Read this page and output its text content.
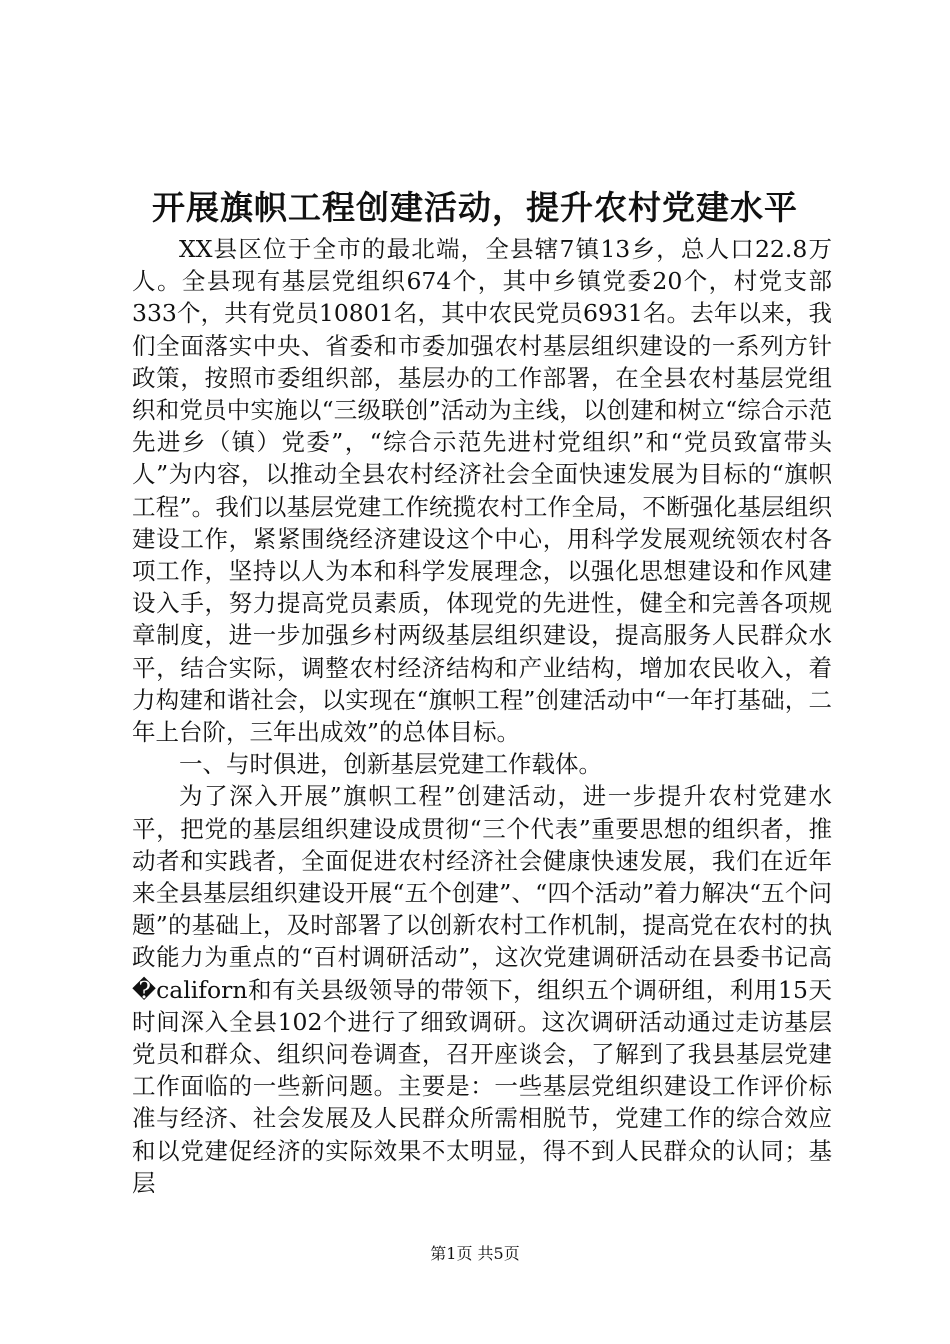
开展旗帜工程创建活动，提升农村党建水平

XX县区位于全市的最北端，全县辖7镇13乡，总人口22.8万人。全县现有基层党组织674个，其中乡镇党委20个，村党支部333个，共有党员10801名，其中农民党员6931名。去年以来，我们全面落实中央、省委和市委加强农村基层组织建设的一系列方针政策，按照市委组织部，基层办的工作部署，在全县农村基层党组织和党员中实施以“三级联创”活动为主线，以创建和树立“综合示范先进乡（镇）党委”，“综合示范先进村党组织”和“党员致富带头人”为内容，以推动全县农村经济社会全面快速发展为目标的“旗帜工程”。我们以基层党建工作统揽农村工作全局，不断强化基层组织建设工作，紧紧围绕经济建设这个中心，用科学发展观统领农村各项工作，坚持以人为本和科学发展理念，以强化思想建设和作风建设入手，努力提高党员素质，体现党的先进性，健全和完善各项规章制度，进一步加强乡村两级基层组织建设，提高服务人民群众水平，结合实际，调整农村经济结构和产业结构，增加农民收入，着力构建和谐社会，以实现在“旗帜工程”创建活动中“一年打基础，二年上台阶，三年出成效”的总体目标。

一、与时俱进，创新基层党建工作载体。

为了深入开展”旗帜工程”创建活动，进一步提升农村党建水平，把党的基层组织建设成贯彻“三个代表”重要思想的组织者，推动者和实践者，全面促进农村经济社会健康快速发展，我们在近年来全县基层组织建设开展“五个创建”、“四个活动”着力解决“五个问题”的基础上，及时部署了以创新农村工作机制，提高党在农村的执政能力为重点的“百村调研活动”，这次党建调研活动在县委书记高�californ和有关县级领导的带领下，组织五个调研组，利用15天时间深入全县102个进行了细致调研。这次调研活动通过走访基层党员和群众、组织问卷调查，召开座谈会，了解到了我县基层党建工作面临的一些新问题。主要是：一些基层党组织建设工作评价标准与经济、社会发展及人民群众所需相脱节，党建工作的综合效应和以党建促经济的实际效果不太明显，得不到人民群众的认同；基层

第1页 共5页
